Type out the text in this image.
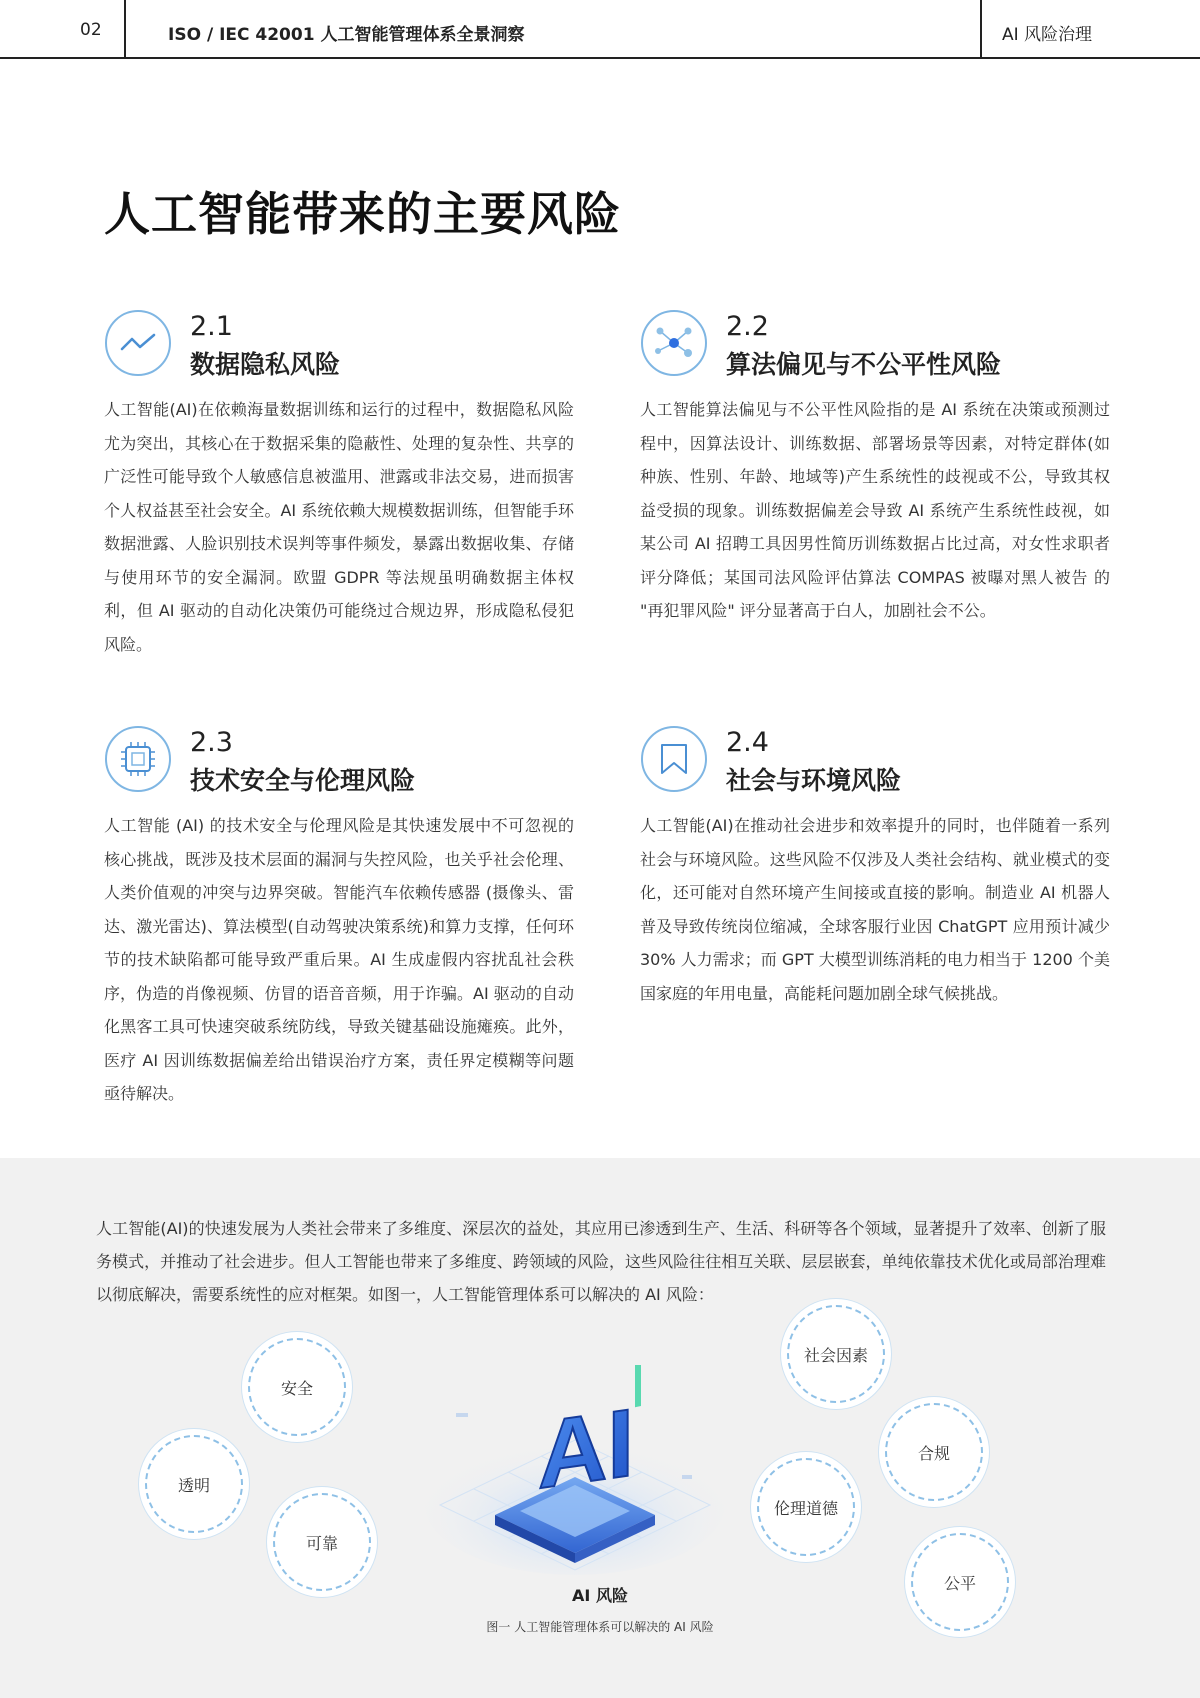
02	ISO / IEC 42001 人工智能管理体系全景洞察	AI 风险治理
人工智能带来的主要风险
2.1
数据隐私风险
人工智能(AI)在依赖海量数据训练和运行的过程中，数据隐私风险尤为突出，其核心在于数据采集的隐蔽性、处理的复杂性、共享的广泛性可能导致个人敏感信息被滥用、泄露或非法交易，进而损害个人权益甚至社会安全。AI 系统依赖大规模数据训练，但智能手环数据泄露、人脸识别技术误判等事件频发，暴露出数据收集、存储与使用环节的安全漏洞。欧盟 GDPR 等法规虽明确数据主体权利，但 AI 驱动的自动化决策仍可能绕过合规边界，形成隐私侵犯风险。
2.2
算法偏见与不公平性风险
人工智能算法偏见与不公平性风险指的是 AI 系统在决策或预测过程中，因算法设计、训练数据、部署场景等因素，对特定群体(如种族、性别、年龄、地域等)产生系统性的歧视或不公，导致其权益受损的现象。训练数据偏差会导致 AI 系统产生系统性歧视，如某公司 AI 招聘工具因男性简历训练数据占比过高，对女性求职者评分降低；某国司法风险评估算法 COMPAS 被曝对黑人被告 的 "再犯罪风险" 评分显著高于白人，加剧社会不公。
2.3
技术安全与伦理风险
人工智能 (AI) 的技术安全与伦理风险是其快速发展中不可忽视的核心挑战，既涉及技术层面的漏洞与失控风险，也关乎社会伦理、人类价值观的冲突与边界突破。智能汽车依赖传感器 (摄像头、雷达、激光雷达)、算法模型(自动驾驶决策系统)和算力支撑，任何环节的技术缺陷都可能导致严重后果。AI 生成虚假内容扰乱社会秩序，伪造的肖像视频、仿冒的语音音频，用于诈骗。AI 驱动的自动化黑客工具可快速突破系统防线，导致关键基础设施瘫痪。此外，医疗 AI 因训练数据偏差给出错误治疗方案，责任界定模糊等问题亟待解决。
2.4
社会与环境风险
人工智能(AI)在推动社会进步和效率提升的同时，也伴随着一系列社会与环境风险。这些风险不仅涉及人类社会结构、就业模式的变化，还可能对自然环境产生间接或直接的影响。制造业 AI 机器人普及导致传统岗位缩减，全球客服行业因 ChatGPT 应用预计减少 30% 人力需求；而 GPT 大模型训练消耗的电力相当于 1200 个美国家庭的年用电量，高能耗问题加剧全球气候挑战。
人工智能(AI)的快速发展为人类社会带来了多维度、深层次的益处，其应用已渗透到生产、生活、科研等各个领域，显著提升了效率、创新了服务模式，并推动了社会进步。但人工智能也带来了多维度、跨领域的风险，这些风险往往相互关联、层层嵌套，单纯依靠技术优化或局部治理难以彻底解决，需要系统性的应对框架。如图一，人工智能管理体系可以解决的 AI 风险：
安全
透明
可靠
社会因素
合规
伦理道德
公平
AI
AI 风险
图一 人工智能管理体系可以解决的 AI 风险
